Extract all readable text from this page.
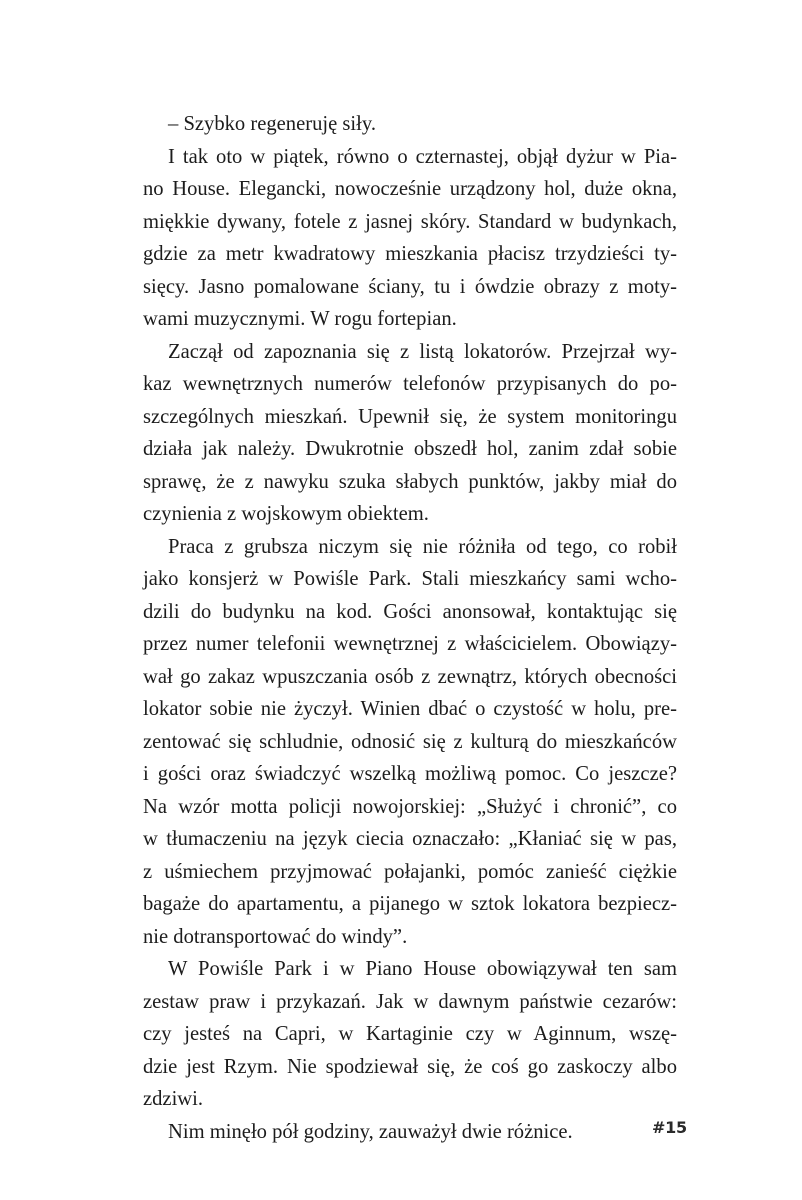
– Szybko regeneruję siły.
I tak oto w piątek, równo o czternastej, objął dyżur w Pia-
no House. Elegancki, nowocześnie urządzony hol, duże okna,
miękkie dywany, fotele z jasnej skóry. Standard w budynkach,
gdzie za metr kwadratowy mieszkania płacisz trzydzieści ty-
sięcy. Jasno pomalowane ściany, tu i ówdzie obrazy z moty-
wami muzycznymi. W rogu fortepian.
Zaczął od zapoznania się z listą lokatorów. Przejrzał wy-
kaz wewnętrznych numerów telefonów przypisanych do po-
szczególnych mieszkań. Upewnił się, że system monitoringu
działa jak należy. Dwukrotnie obszedł hol, zanim zdał sobie
sprawę, że z nawyku szuka słabych punktów, jakby miał do
czynienia z wojskowym obiektem.
Praca z grubsza niczym się nie różniła od tego, co robił
jako konsjerż w Powiśle Park. Stali mieszkańcy sami wcho-
dzili do budynku na kod. Gości anonsował, kontaktując się
przez numer telefonii wewnętrznej z właścicielem. Obowiązy-
wał go zakaz wpuszczania osób z zewnątrz, których obecności
lokator sobie nie życzył. Winien dbać o czystość w holu, pre-
zentować się schludnie, odnosić się z kulturą do mieszkańców
i gości oraz świadczyć wszelką możliwą pomoc. Co jeszcze?
Na wzór motta policji nowojorskiej: „Służyć i chronić”, co
w tłumaczeniu na język ciecia oznaczało: „Kłaniać się w pas,
z uśmiechem przyjmować połajanki, pomóc zanieść ciężkie
bagaże do apartamentu, a pijanego w sztok lokatora bezpiecz-
nie dotransportować do windy”.
W Powiśle Park i w Piano House obowiązywał ten sam
zestaw praw i przykazań. Jak w dawnym państwie cezarów:
czy jesteś na Capri, w Kartaginie czy w Aginnum, wszę-
dzie jest Rzym. Nie spodziewał się, że coś go zaskoczy albo
zdziwi.
Nim minęło pół godziny, zauważył dwie różnice.	#15
